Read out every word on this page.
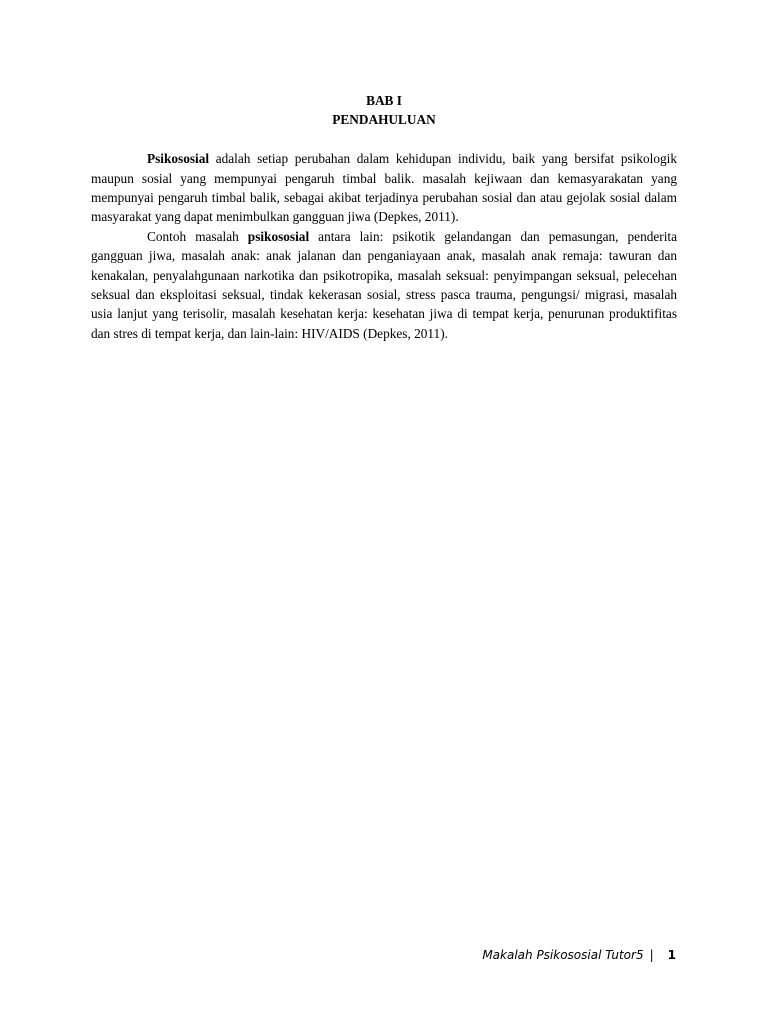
BAB I

PENDAHULUAN

Psikososial adalah setiap perubahan dalam kehidupan individu, baik yang bersifat psikologik maupun sosial yang mempunyai pengaruh timbal balik. masalah kejiwaan dan kemasyarakatan yang mempunyai pengaruh timbal balik, sebagai akibat terjadinya perubahan sosial dan atau gejolak sosial dalam masyarakat yang dapat menimbulkan gangguan jiwa (Depkes, 2011).

Contoh masalah psikososial antara lain: psikotik gelandangan dan pemasungan, penderita gangguan jiwa, masalah anak: anak jalanan dan penganiayaan anak, masalah anak remaja: tawuran dan kenakalan, penyalahgunaan narkotika dan psikotropika, masalah seksual: penyimpangan seksual, pelecehan seksual dan eksploitasi seksual, tindak kekerasan sosial, stress pasca trauma, pengungsi/ migrasi, masalah usia lanjut yang terisolir, masalah kesehatan kerja: kesehatan jiwa di tempat kerja, penurunan produktifitas dan stres di tempat kerja, dan lain-lain: HIV/AIDS (Depkes, 2011).

Makalah Psikososial Tutor5 | 1
